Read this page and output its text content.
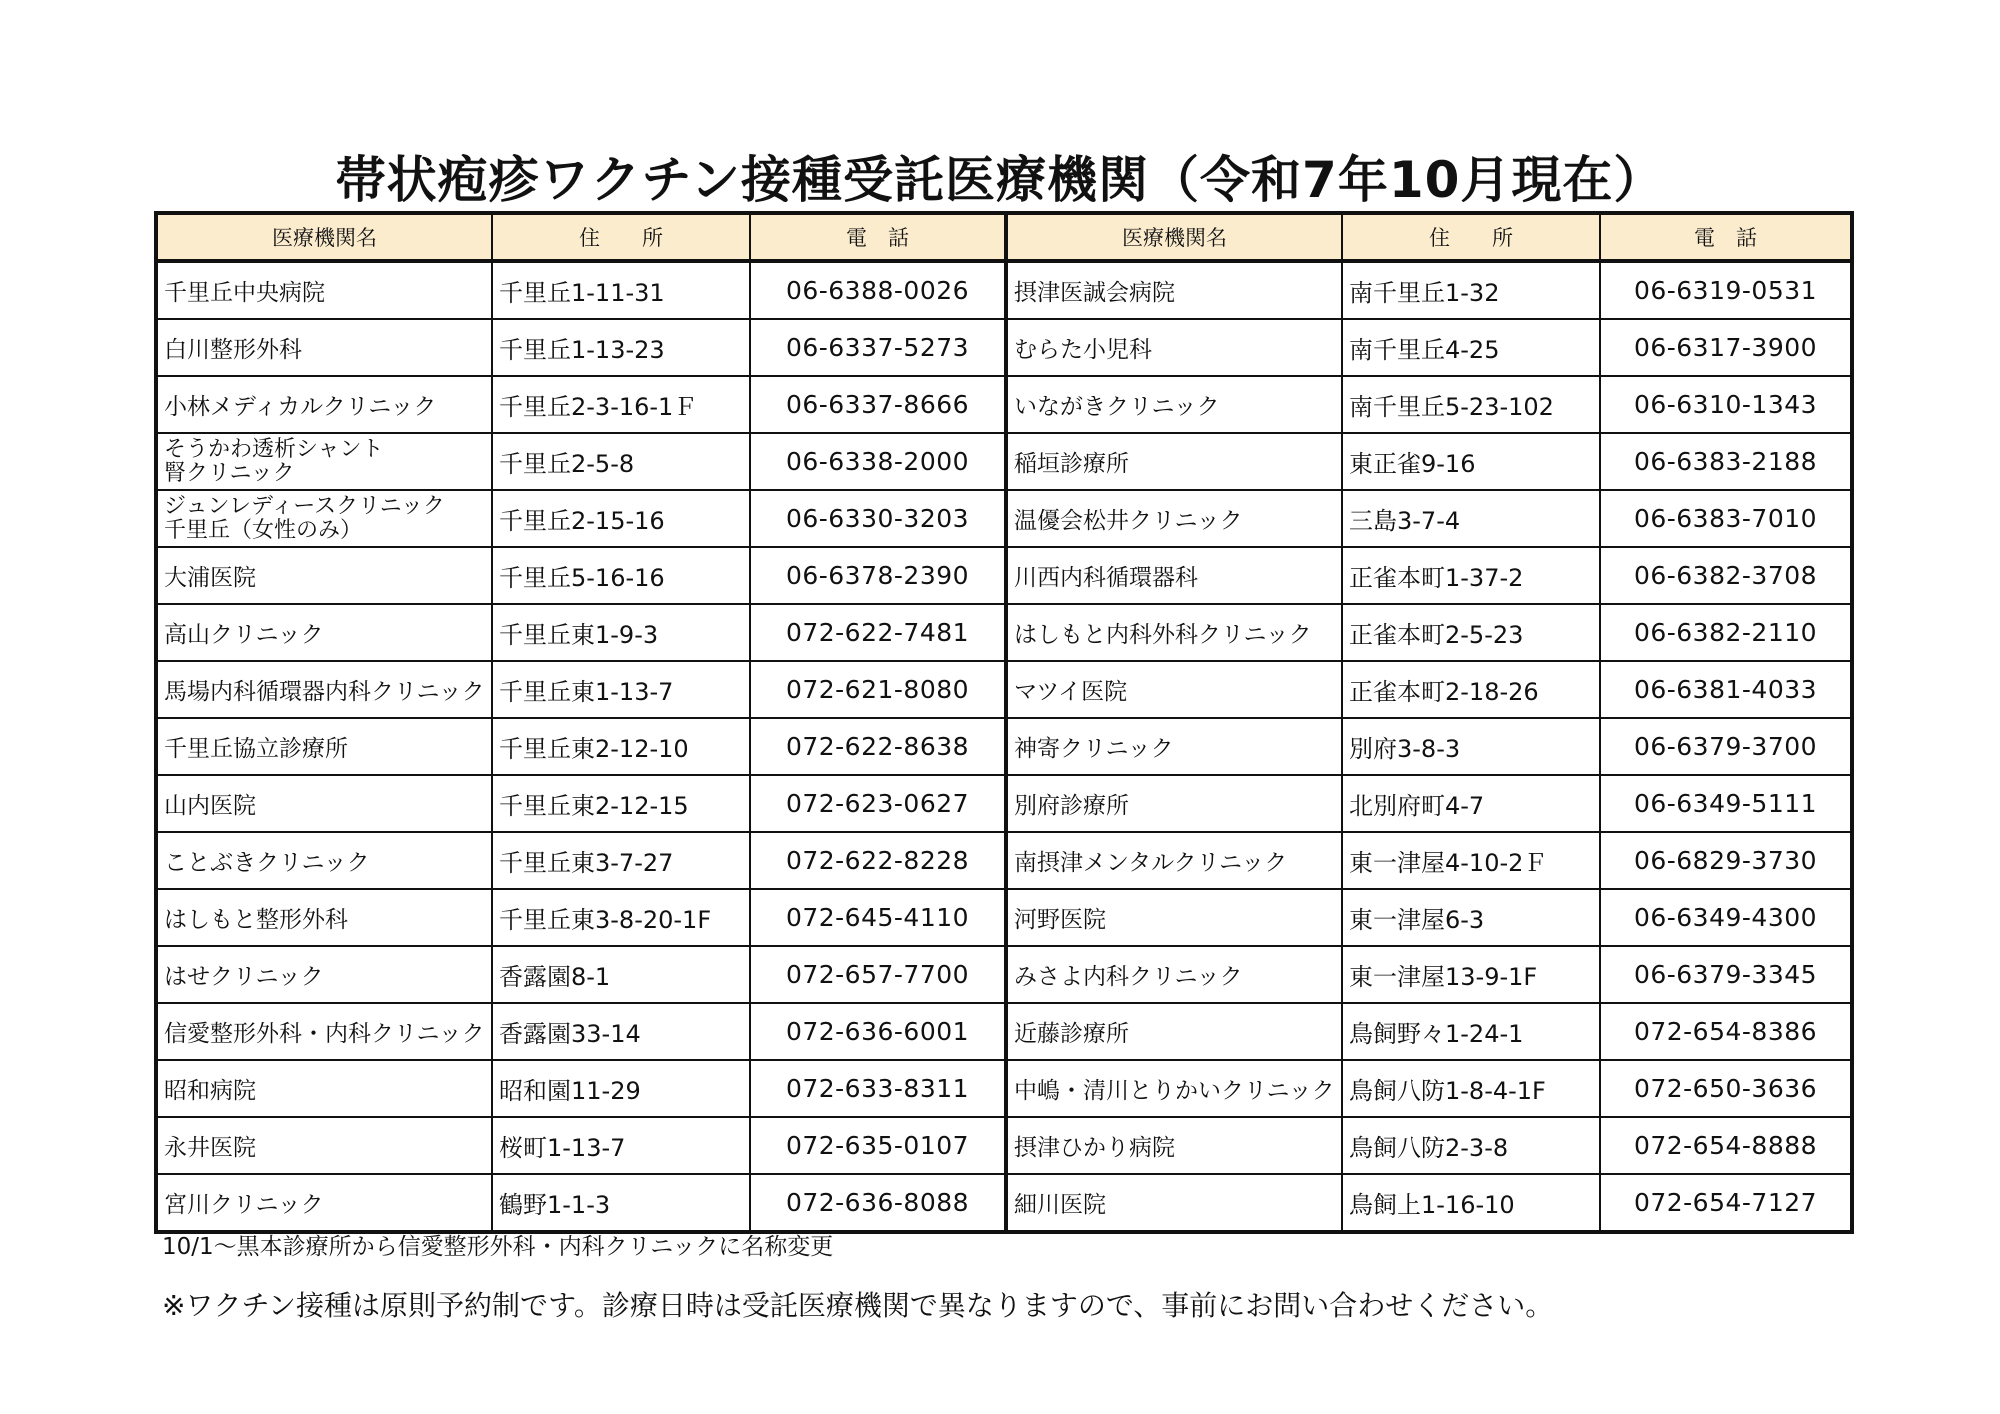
帯状疱疹ワクチン接種受託医療機関（令和7年10月現在）
医療機関名	住　　所	電　話	医療機関名	住　　所	電　話
千里丘中央病院	千里丘1-11-31	06-6388-0026	摂津医誠会病院	南千里丘1-32	06-6319-0531
白川整形外科	千里丘1-13-23	06-6337-5273	むらた小児科	南千里丘4-25	06-6317-3900
小林メディカルクリニック	千里丘2-3-16-1Ｆ	06-6337-8666	いながきクリニック	南千里丘5-23-102	06-6310-1343
そうかわ透析シャント
腎クリニック	千里丘2-5-8	06-6338-2000	稲垣診療所	東正雀9-16	06-6383-2188
ジュンレディースクリニック
千里丘（女性のみ）	千里丘2-15-16	06-6330-3203	温優会松井クリニック	三島3-7-4	06-6383-7010
大浦医院	千里丘5-16-16	06-6378-2390	川西内科循環器科	正雀本町1-37-2	06-6382-3708
高山クリニック	千里丘東1-9-3	072-622-7481	はしもと内科外科クリニック	正雀本町2-5-23	06-6382-2110
馬場内科循環器内科クリニック	千里丘東1-13-7	072-621-8080	マツイ医院	正雀本町2-18-26	06-6381-4033
千里丘協立診療所	千里丘東2-12-10	072-622-8638	神寄クリニック	別府3-8-3	06-6379-3700
山内医院	千里丘東2-12-15	072-623-0627	別府診療所	北別府町4-7	06-6349-5111
ことぶきクリニック	千里丘東3-7-27	072-622-8228	南摂津メンタルクリニック	東一津屋4-10-2Ｆ	06-6829-3730
はしもと整形外科	千里丘東3-8-20-1F	072-645-4110	河野医院	東一津屋6-3	06-6349-4300
はせクリニック	香露園8-1	072-657-7700	みさよ内科クリニック	東一津屋13-9-1F	06-6379-3345
信愛整形外科・内科クリニック	香露園33-14	072-636-6001	近藤診療所	鳥飼野々1-24-1	072-654-8386
昭和病院	昭和園11-29	072-633-8311	中嶋・清川とりかいクリニック	鳥飼八防1-8-4-1F	072-650-3636
永井医院	桜町1-13-7	072-635-0107	摂津ひかり病院	鳥飼八防2-3-8	072-654-8888
宮川クリニック	鶴野1-1-3	072-636-8088	細川医院	鳥飼上1-16-10	072-654-7127
10/1～黒本診療所から信愛整形外科・内科クリニックに名称変更
※ワクチン接種は原則予約制です。診療日時は受託医療機関で異なりますので、事前にお問い合わせください。
